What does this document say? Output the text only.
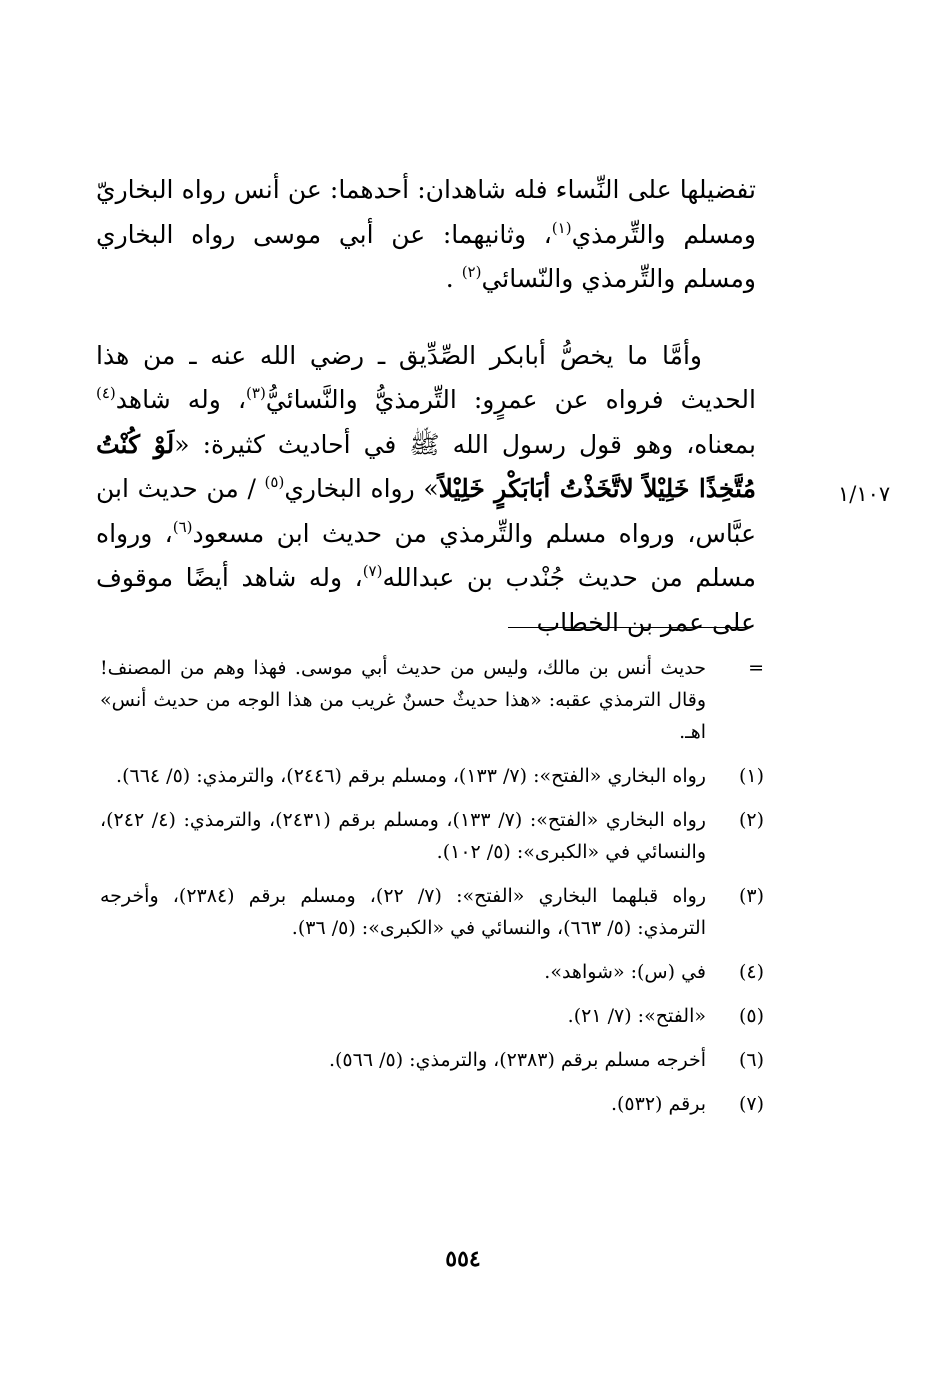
تفضيلها على النِّساء فله شاهدان: أحدهما: عن أنس رواه البخاريّ ومسلم والتِّرمذي$^{(١)}$، وثانيهما: عن أبي موسى رواه البخاري ومسلم والتِّرمذي والنّسائي$^{(٢)}$ .

وأمَّا ما يخصُّ أبابكر الصِّدِّيق ـ رضي الله عنه ـ من هذا الحديث فرواه عن عمرٍو: التِّرمذيُّ والنَّسائيُّ$^{(٣)}$، وله شاهد$^{(٤)}$ بمعناه، وهو قول رسول الله ﷺ في أحاديث كثيرة: «لَوْ كُنْتُ مُتَّخِذًا خَلِيْلاً لاتَّخَذْتُ أبَابَكْرٍ خَلِيْلاً» رواه البخاري$^{(٥)}$ / من حديث ابن عبَّاس، ورواه مسلم والتِّرمذي من حديث ابن مسعود$^{(٦)}$، ورواه مسلم من حديث جُنْدب بن عبدالله$^{(٧)}$، وله شاهد أيضًا موقوف على عمر بن الخطاب

١/١٠٧
=
حديث أنس بن مالك، وليس من حديث أبي موسى. فهذا وهم من المصنف! وقال الترمذي عقبه: «هذا حديثٌ حسنٌ غريب من هذا الوجه من حديث أنس» اهـ.
(١)
رواه البخاري «الفتح»: (٧/ ١٣٣)، ومسلم برقم (٢٤٤٦)، والترمذي: (٥/ ٦٦٤).
(٢)
رواه البخاري «الفتح»: (٧/ ١٣٣)، ومسلم برقم (٢٤٣١)، والترمذي: (٤/ ٢٤٢)، والنسائي في «الكبرى»: (٥/ ١٠٢).
(٣)
رواه قبلهما البخاري «الفتح»: (٧/ ٢٢)، ومسلم برقم (٢٣٨٤)، وأخرجه الترمذي: (٥/ ٦٦٣)، والنسائي في «الكبرى»: (٥/ ٣٦).
(٤)
في (س): «شواهد».
(٥)
«الفتح»: (٧/ ٢١).
(٦)
أخرجه مسلم برقم (٢٣٨٣)، والترمذي: (٥/ ٥٦٦).
(٧)
برقم (٥٣٢).
٥٥٤
